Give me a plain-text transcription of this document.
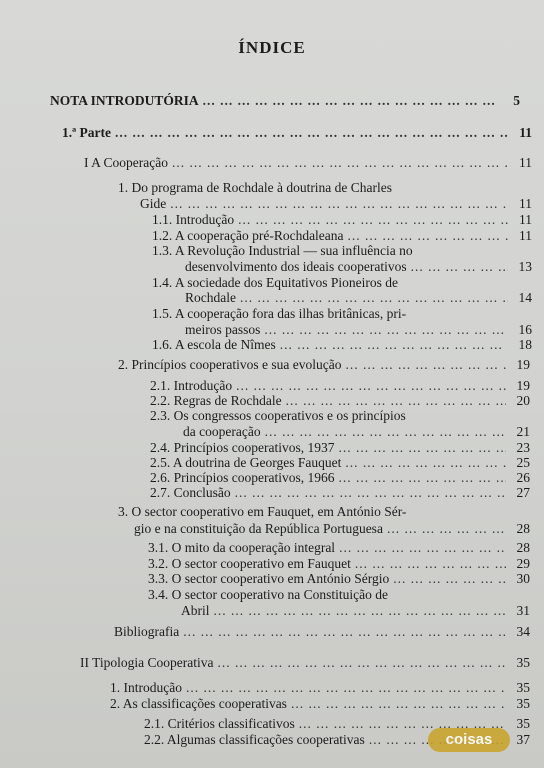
ÍNDICE
NOTA INTRODUTÓRIA ... .	5
1.ª Parte ... .	11
I A Cooperação ... .	11
1. Do programa de Rochdale à doutrina de Charles
Gide ... .	11
1.1. Introdução ... .	11
1.2. A cooperação pré-Rochdaleana ... .	11
1.3. A Revolução Industrial — sua influência no
desenvolvimento dos ideais cooperativos ... .	13
1.4. A sociedade dos Equitativos Pioneiros de
Rochdale ... .	14
1.5. A cooperação fora das ilhas britânicas, pri-
meiros passos ... .	16
1.6. A escola de Nîmes ... .	18
2. Princípios cooperativos e sua evolução ... .	19
2.1. Introdução ... .	19
2.2. Regras de Rochdale ... .	20
2.3. Os congressos cooperativos e os princípios
da cooperação ... .	21
2.4. Princípios cooperativos, 1937 ... .	23
2.5. A doutrina de Georges Fauquet ... .	25
2.6. Princípios cooperativos, 1966 ... .	26
2.7. Conclusão ... .	27
3. O sector cooperativo em Fauquet, em António Sér-
gio e na constituição da República Portuguesa ... .	28
3.1. O mito da cooperação integral ... .	28
3.2. O sector cooperativo em Fauquet ... .	29
3.3. O sector cooperativo em António Sérgio ... .	30
3.4. O sector cooperativo na Constituição de
Abril ... .	31
Bibliografia ... .	34
II Tipologia Cooperativa ... .	35
1. Introdução ... .	35
2. As classificações cooperativas ... .	35
2.1. Critérios classificativos ... .	35
2.2. Algumas classificações cooperativas ... .	37
coisas
